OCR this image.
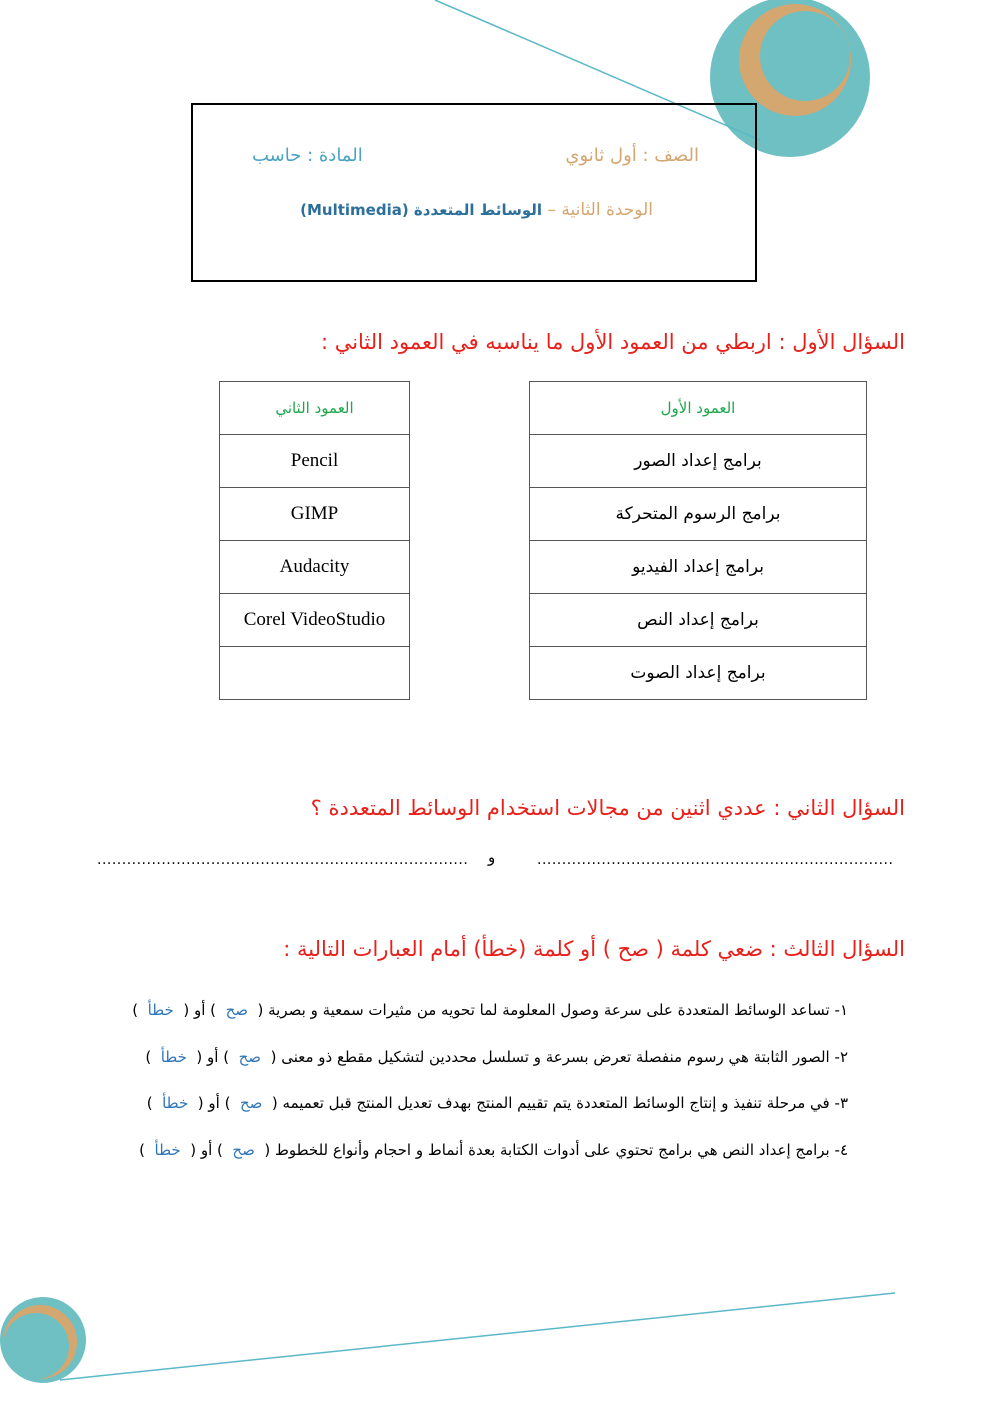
الصف : أول ثانوي
المادة : حاسب
الوحدة الثانية – الوسائط المتعددة (Multimedia)
السؤال الأول : اربطي من العمود الأول ما يناسبه في العمود الثاني :
العمود الأول
برامج إعداد الصور
برامج الرسوم المتحركة
برامج إعداد الفيديو
برامج إعداد النص
برامج إعداد الصوت
العمود الثاني
Pencil
GIMP
Audacity
Corel VideoStudio

السؤال الثاني : عددي اثنين من مجالات استخدام الوسائط المتعددة ؟
........................................................................
و
...........................................................................
السؤال الثالث : ضعي كلمة ( صح ) أو كلمة (خطأ) أمام العبارات التالية :
١- تساعد الوسائط المتعددة على سرعة وصول المعلومة لما تحويه من مثيرات سمعية و بصرية (  صح  ) أو (  خطأ  )
٢- الصور الثابتة هي رسوم منفصلة تعرض بسرعة و تسلسل محددين لتشكيل مقطع ذو معنى (  صح  ) أو (  خطأ  )
٣- في مرحلة تنفيذ و إنتاج الوسائط المتعددة يتم تقييم المنتج بهدف تعديل المنتج قبل تعميمه (  صح  ) أو (  خطأ  )
٤- برامج إعداد النص هي برامج تحتوي على أدوات الكتابة بعدة أنماط و احجام وأنواع للخطوط (  صح  ) أو (  خطأ  )
